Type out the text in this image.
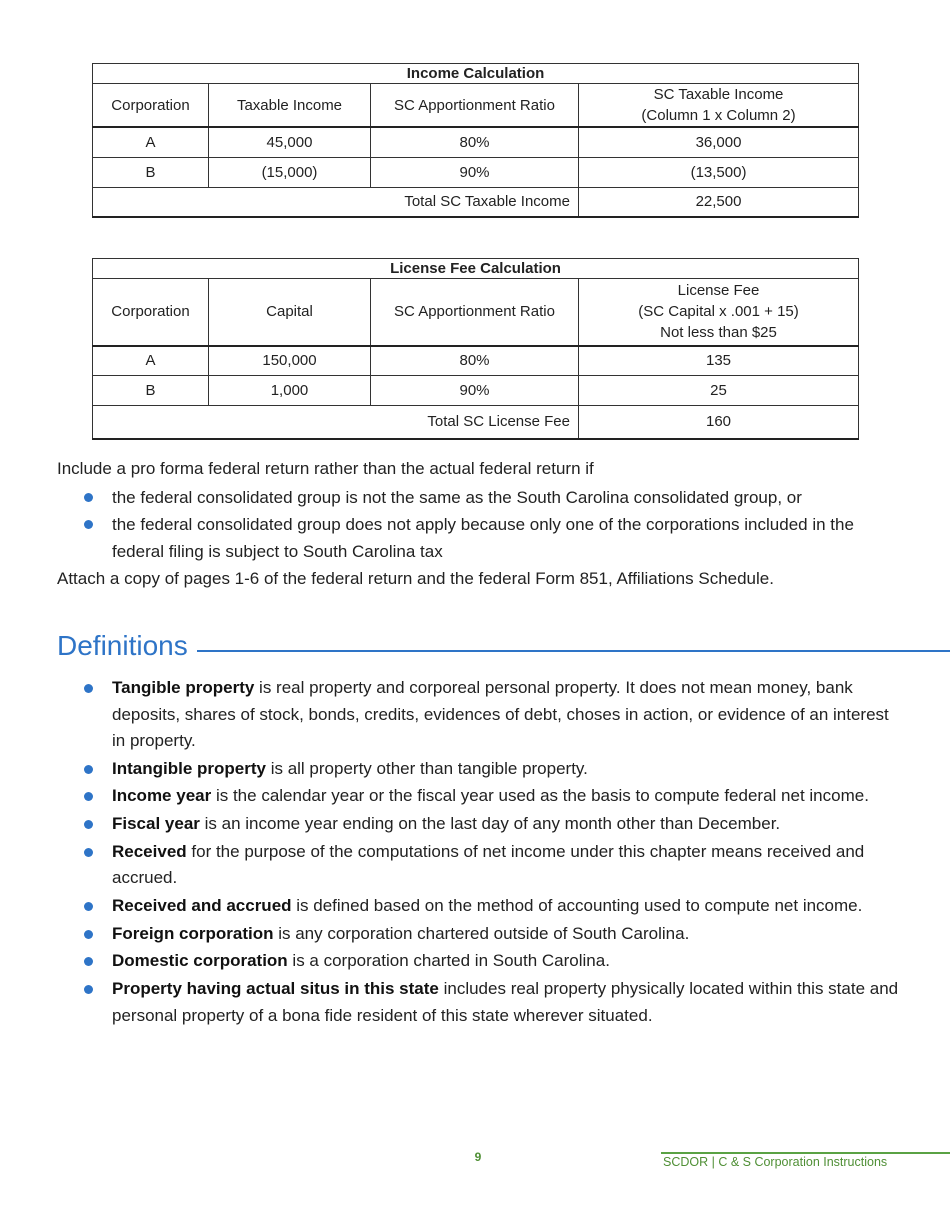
Income Calculation			
Corporation	Taxable Income	SC Apportionment Ratio	SC Taxable Income
(Column 1 x Column 2)
A	45,000	80%	36,000
B	(15,000)	90%	(13,500)
Total SC Taxable Income			22,500
License Fee Calculation			
Corporation	Capital	SC Apportionment Ratio	License Fee
(SC Capital x .001 + 15)
Not less than $25
A	150,000	80%	135
B	1,000	90%	25
Total SC License Fee			160
Include a pro forma federal return rather than the actual federal return if
the federal consolidated group is not the same as the South Carolina consolidated group, or
the federal consolidated group does not apply because only one of the corporations included in the federal filing is subject to South Carolina tax
Attach a copy of pages 1-6 of the federal return and the federal Form 851, Affiliations Schedule.
Definitions
Tangible property is real property and corporeal personal property. It does not mean money, bank deposits, shares of stock, bonds, credits, evidences of debt, choses in action, or evidence of an interest in property.
Intangible property is all property other than tangible property.
Income year is the calendar year or the fiscal year used as the basis to compute federal net income.
Fiscal year is an income year ending on the last day of any month other than December.
Received for the purpose of the computations of net income under this chapter means received and accrued.
Received and accrued is defined based on the method of accounting used to compute net income.
Foreign corporation is any corporation chartered outside of South Carolina.
Domestic corporation is a corporation charted in South Carolina.
Property having actual situs in this state includes real property physically located within this state and personal property of a bona fide resident of this state wherever situated.
9	SCDOR | C & S Corporation Instructions
